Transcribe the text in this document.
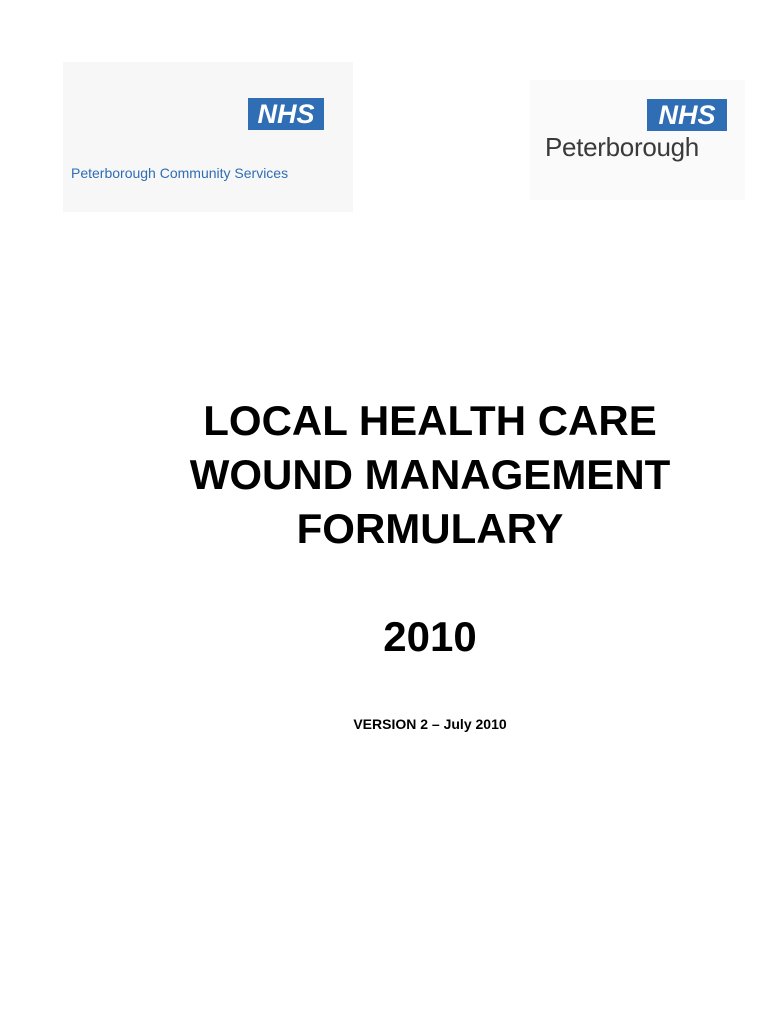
NHS
Peterborough Community Services
NHS
Peterborough

LOCAL HEALTH CARE

WOUND MANAGEMENT

FORMULARY

2010

VERSION 2 – July 2010
